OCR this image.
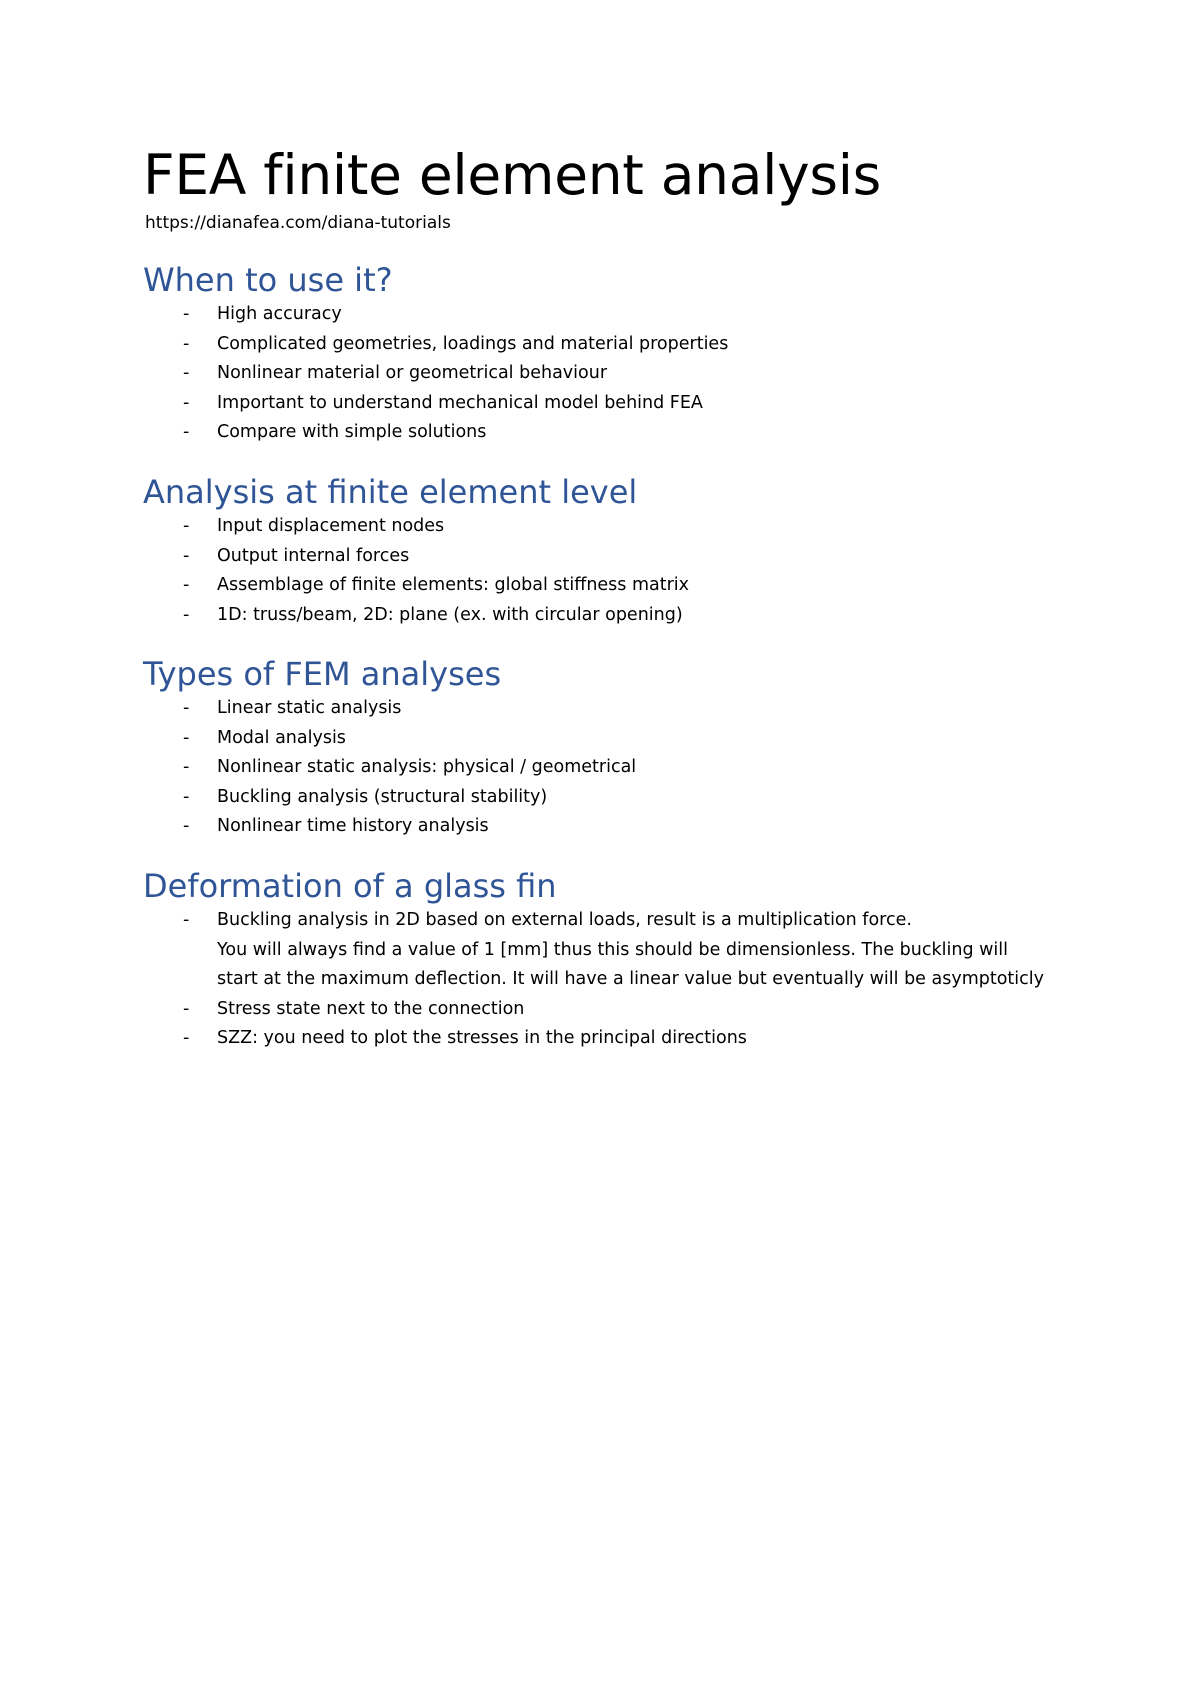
FEA finite element analysis
https://dianafea.com/diana-tutorials
When to use it?
- High accuracy
- Complicated geometries, loadings and material properties
- Nonlinear material or geometrical behaviour
- Important to understand mechanical model behind FEA
- Compare with simple solutions
Analysis at finite element level
- Input displacement nodes
- Output internal forces
- Assemblage of finite elements: global stiffness matrix
- 1D: truss/beam, 2D: plane (ex. with circular opening)
Types of FEM analyses
- Linear static analysis
- Modal analysis
- Nonlinear static analysis: physical / geometrical
- Buckling analysis (structural stability)
- Nonlinear time history analysis
Deformation of a glass fin
- Buckling analysis in 2D based on external loads, result is a multiplication force.
You will always find a value of 1 [mm] thus this should be dimensionless. The buckling will
start at the maximum deflection. It will have a linear value but eventually will be asymptoticly
- Stress state next to the connection
- SZZ: you need to plot the stresses in the principal directions
